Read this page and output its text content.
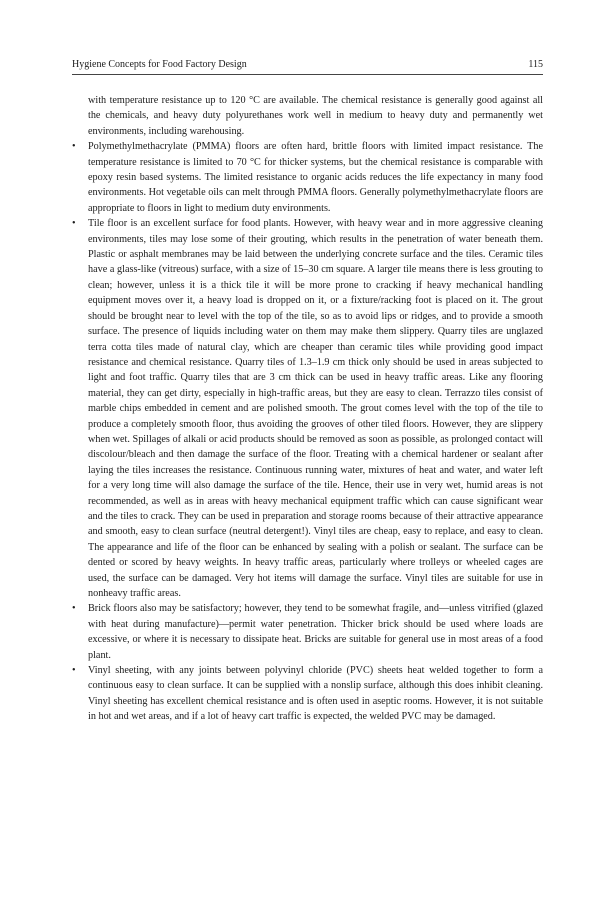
Hygiene Concepts for Food Factory Design	115

with temperature resistance up to 120 °C are available. The chemical resistance is generally good against all the chemicals, and heavy duty polyurethanes work well in medium to heavy duty and permanently wet environments, including warehousing.

•	Polymethylmethacrylate (PMMA) floors are often hard, brittle floors with limited impact resistance. The temperature resistance is limited to 70 °C for thicker systems, but the chemical resistance is comparable with epoxy resin based systems. The limited resistance to organic acids reduces the life expectancy in many food environments. Hot vegetable oils can melt through PMMA floors. Generally polymethylmethacrylate floors are appropriate to floors in light to medium duty environments.
•	Tile floor is an excellent surface for food plants. However, with heavy wear and in more aggressive cleaning environments, tiles may lose some of their grouting, which results in the penetration of water beneath them. Plastic or asphalt membranes may be laid between the underlying concrete surface and the tiles. Ceramic tiles have a glass-like (vitreous) surface, with a size of 15–30 cm square. A larger tile means there is less grouting to clean; however, unless it is a thick tile it will be more prone to cracking if heavy mechanical handling equipment moves over it, a heavy load is dropped on it, or a fixture/racking foot is placed on it. The grout should be brought near to level with the top of the tile, so as to avoid lips or ridges, and to provide a smooth surface. The presence of liquids including water on them may make them slippery. Quarry tiles are unglazed terra cotta tiles made of natural clay, which are cheaper than ceramic tiles while providing good impact resistance and chemical resistance. Quarry tiles of 1.3–1.9 cm thick only should be used in areas subjected to light and foot traffic. Quarry tiles that are 3 cm thick can be used in heavy traffic areas. Like any flooring material, they can get dirty, especially in high-traffic areas, but they are easy to clean. Terrazzo tiles consist of marble chips embedded in cement and are polished smooth. The grout comes level with the top of the tile to produce a completely smooth floor, thus avoiding the grooves of other tiled floors. However, they are slippery when wet. Spillages of alkali or acid products should be removed as soon as possible, as prolonged contact will discolour/bleach and then damage the surface of the floor. Treating with a chemical hardener or sealant after laying the tiles increases the resistance. Continuous running water, mixtures of heat and water, and water left for a very long time will also damage the surface of the tile. Hence, their use in very wet, humid areas is not recommended, as well as in areas with heavy mechanical equipment traffic which can cause significant wear and the tiles to crack. They can be used in preparation and storage rooms because of their attractive appearance and smooth, easy to clean surface (neutral detergent!). Vinyl tiles are cheap, easy to replace, and easy to clean. The appearance and life of the floor can be enhanced by sealing with a polish or sealant. The surface can be dented or scored by heavy weights. In heavy traffic areas, particularly where trolleys or wheeled cages are used, the surface can be damaged. Very hot items will damage the surface. Vinyl tiles are suitable for use in nonheavy traffic areas.
•	Brick floors also may be satisfactory; however, they tend to be somewhat fragile, and—unless vitrified (glazed with heat during manufacture)—permit water penetration. Thicker brick should be used where loads are excessive, or where it is necessary to dissipate heat. Bricks are suitable for general use in most areas of a food plant.
•	Vinyl sheeting, with any joints between polyvinyl chloride (PVC) sheets heat welded together to form a continuous easy to clean surface. It can be supplied with a nonslip surface, although this does inhibit cleaning. Vinyl sheeting has excellent chemical resistance and is often used in aseptic rooms. However, it is not suitable in hot and wet areas, and if a lot of heavy cart traffic is expected, the welded PVC may be damaged.
